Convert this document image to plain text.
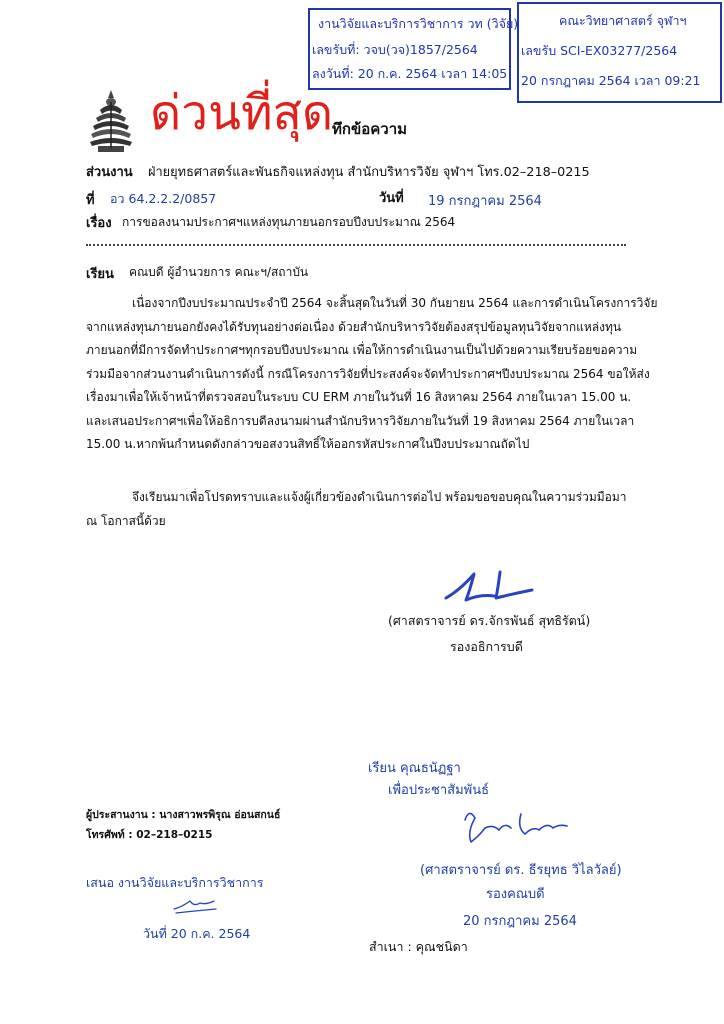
งานวิจัยและบริการวิชาการ วท (วิจัย)
เลขรับที่: วจบ(วจ)1857/2564
ลงวันที่: 20 ก.ค. 2564 เวลา 14:05
คณะวิทยาศาสตร์ จุฬาฯ
เลขรับ SCI-EX03277/2564
20 กรกฎาคม 2564 เวลา 09:21
ด่วนที่สุด
ทึกข้อความ
ส่วนงาน ฝ่ายยุทธศาสตร์และพันธกิจแหล่งทุน สำนักบริหารวิจัย จุฬาฯ โทร.02–218–0215
ที่ อว 64.2.2.2/0857	วันที่ 19 กรกฎาคม 2564
เรื่อง การขอลงนามประกาศฯแหล่งทุนภายนอกรอบปีงบประมาณ 2564
เรียน คณบดี ผู้อำนวยการ คณะฯ/สถาบัน
เนื่องจากปีงบประมาณประจำปี 2564 จะสิ้นสุดในวันที่ 30 กันยายน 2564 และการดำเนินโครงการวิจัย
จากแหล่งทุนภายนอกยังคงได้รับทุนอย่างต่อเนื่อง ด้วยสำนักบริหารวิจัยต้องสรุปข้อมูลทุนวิจัยจากแหล่งทุน
ภายนอกที่มีการจัดทำประกาศฯทุกรอบปีงบประมาณ เพื่อให้การดำเนินงานเป็นไปด้วยความเรียบร้อยขอความ
ร่วมมือจากส่วนงานดำเนินการดังนี้ กรณีโครงการวิจัยที่ประสงค์จะจัดทำประกาศฯปีงบประมาณ 2564 ขอให้ส่ง
เรื่องมาเพื่อให้เจ้าหน้าที่ตรวจสอบในระบบ CU ERM ภายในวันที่ 16 สิงหาคม 2564 ภายในเวลา 15.00 น.
และเสนอประกาศฯเพื่อให้อธิการบดีลงนามผ่านสำนักบริหารวิจัยภายในวันที่ 19 สิงหาคม 2564 ภายในเวลา
15.00 น.หากพ้นกำหนดดังกล่าวขอสงวนสิทธิ์ให้ออกรหัสประกาศในปีงบประมาณถัดไป
จึงเรียนมาเพื่อโปรดทราบและแจ้งผู้เกี่ยวข้องดำเนินการต่อไป พร้อมขอขอบคุณในความร่วมมือมา
ณ โอกาสนี้ด้วย
(ศาสตราจารย์ ดร.จักรพันธ์ สุทธิรัตน์)
รองอธิการบดี
เรียน คุณธนัฏฐา
เพื่อประชาสัมพันธ์
(ศาสตราจารย์ ดร. ธีรยุทธ วิไลวัลย์)
รองคณบดี
20 กรกฎาคม 2564
สำเนา : คุณชนิดา
ผู้ประสานงาน : นางสาวพรพิรุณ อ่อนสกนธ์
โทรศัพท์ : 02–218–0215
เสนอ งานวิจัยและบริการวิชาการ
วันที่ 20 ก.ค. 2564
